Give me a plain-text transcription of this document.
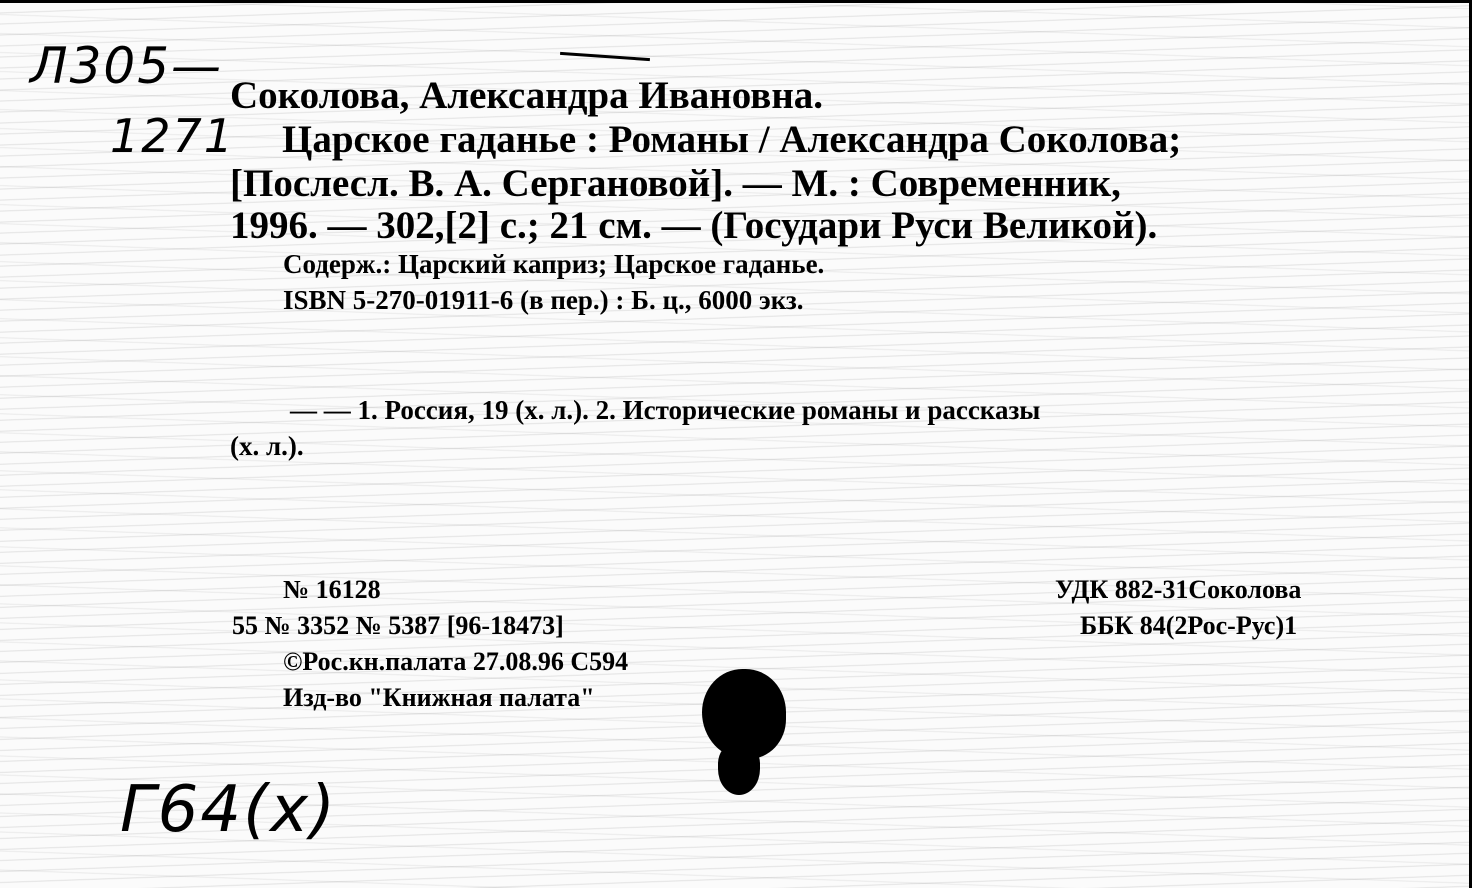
Л305—
1271
Соколова, Александра Ивановна.
Царское гаданье : Романы / Александра Соколова;
[Послесл. В. А. Сергановой]. — М. : Современник,
1996. — 302,[2] с.; 21 см. — (Государи Руси Великой).
Содерж.: Царский каприз; Царское гаданье.
ISBN 5-270-01911-6 (в пер.) : Б. ц., 6000 экз.
— — 1. Россия, 19 (х. л.). 2. Исторические романы и рассказы
(х. л.).
№ 16128
55 № 3352 № 5387 [96-18473]
©Рос.кн.палата 27.08.96 С594
Изд-во "Книжная палата"
УДК 882-31Соколова
ББК 84(2Рос-Рус)1
Г64(х)
